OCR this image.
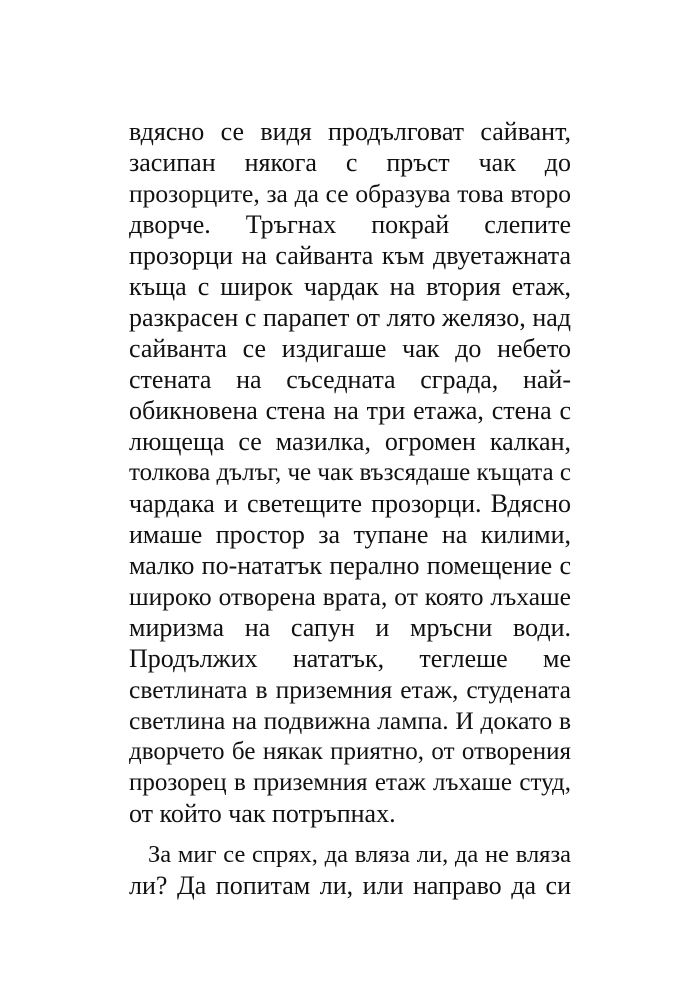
вдясно се видя продълговат сайвант,
засипан някога с пръст чак до
прозорците, за да се образува това второ
дворче. Тръгнах покрай слепите
прозорци на сайванта към двуетажната
къща с широк чардак на втория етаж,
разкрасен с парапет от лято желязо, над
сайванта се издигаше чак до небето
стената на съседната сграда, най-
обикновена стена на три етажа, стена с
лющеща се мазилка, огромен калкан,
толкова дълъг, че чак възсядаше къщата с
чардака и светещите прозорци. Вдясно
имаше простор за тупане на килими,
малко по-нататък перално помещение с
широко отворена врата, от която лъхаше
миризма на сапун и мръсни води.
Продължих нататък, теглеше ме
светлината в приземния етаж, студената
светлина на подвижна лампа. И докато в
дворчето бе някак приятно, от отворения
прозорец в приземния етаж лъхаше студ,
от който чак потръпнах.
За миг се спрях, да вляза ли, да не вляза
ли? Да попитам ли, или направо да си
